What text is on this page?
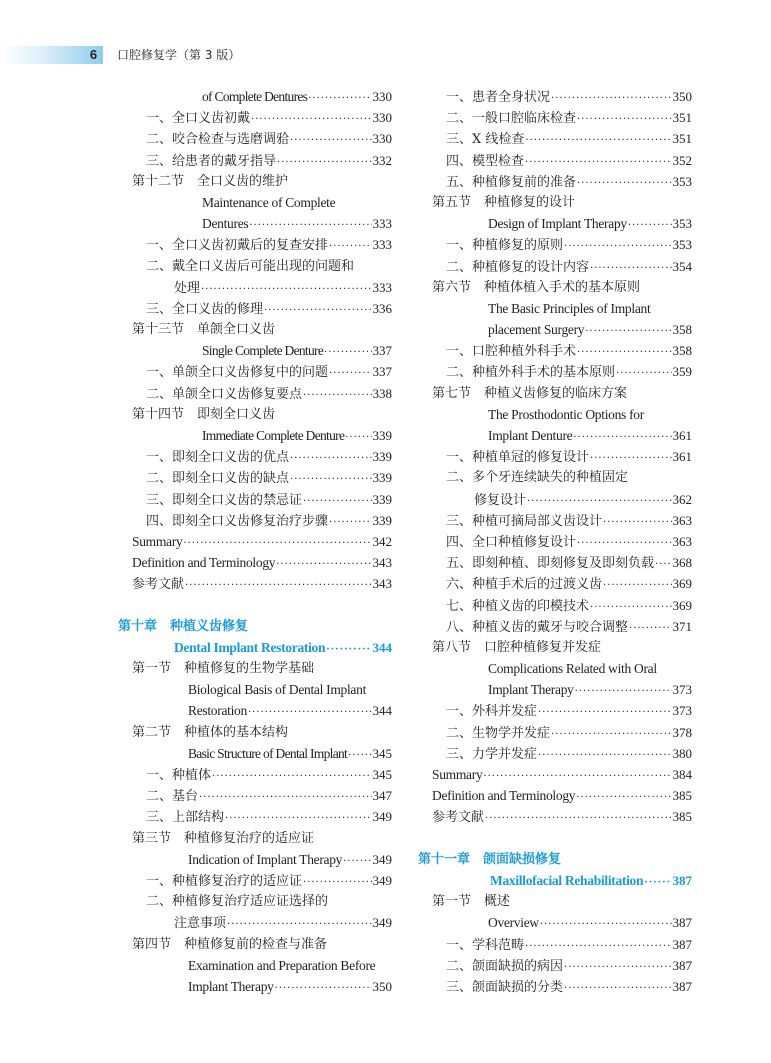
6	口腔修复学（第 3 版）
of Complete Dentures ·····	330
一、全口义齿初戴 ·····	330
二、咬合检查与选磨调𬌗 ·····	330
三、给患者的戴牙指导 ·····	332
第十二节　全口义齿的维护
Maintenance of Complete
Dentures ·····	333
一、全口义齿初戴后的复查安排 ·····	333
二、戴全口义齿后可能出现的问题和
处理 ·····	333
三、全口义齿的修理 ·····	336
第十三节　单颌全口义齿
Single Complete Denture ·····	337
一、单颌全口义齿修复中的问题 ·····	337
二、单颌全口义齿修复要点 ·····	338
第十四节　即刻全口义齿
Immediate Complete Denture ····· 339
一、即刻全口义齿的优点 ·····	339
二、即刻全口义齿的缺点 ·····	339
三、即刻全口义齿的禁忌证 ·····	339
四、即刻全口义齿修复治疗步骤 ·····	339
Summary ·····	342
Definition and Terminology ·····	343
参考文献 ·····	343
第十章　种植义齿修复
Dental Implant Restoration ·····	344
第一节　种植修复的生物学基础
Biological Basis of Dental Implant
Restoration ·····	344
第二节　种植体的基本结构
Basic Structure of Dental Implant ····· 345
一、种植体 ·····	345
二、基台 ·····	347
三、上部结构 ·····	349
第三节　种植修复治疗的适应证
Indication of Implant Therapy ····· 349
一、种植修复治疗的适应证 ·····	349
二、种植修复治疗适应证选择的
注意事项 ·····	349
第四节　种植修复前的检查与准备
Examination and Preparation Before
Implant Therapy ·····	350
一、患者全身状况 ·····	350
二、一般口腔临床检查 ·····	351
三、X 线检查 ·····	351
四、模型检查 ·····	352
五、种植修复前的准备 ·····	353
第五节　种植修复的设计
Design of Implant Therapy ·····	353
一、种植修复的原则 ·····	353
二、种植修复的设计内容 ·····	354
第六节　种植体植入手术的基本原则
The Basic Principles of Implant
placement Surgery ·····	358
一、口腔种植外科手术 ·····	358
二、种植外科手术的基本原则 ·····	359
第七节　种植义齿修复的临床方案
The Prosthodontic Options for
Implant Denture ·····	361
一、种植单冠的修复设计 ·····	361
二、多个牙连续缺失的种植固定
修复设计 ·····	362
三、种植可摘局部义齿设计 ·····	363
四、全口种植修复设计 ·····	363
五、即刻种植、即刻修复及即刻负载 ····· 368
六、种植手术后的过渡义齿 ·····	369
七、种植义齿的印模技术 ·····	369
八、种植义齿的戴牙与咬合调整 ·····	371
第八节　口腔种植修复并发症
Complications Related with Oral
Implant Therapy ·····	373
一、外科并发症 ·····	373
二、生物学并发症 ·····	378
三、力学并发症 ·····	380
Summary ·····	384
Definition and Terminology ·····	385
参考文献 ·····	385
第十一章　颌面缺损修复
Maxillofacial Rehabilitation ····· 387
第一节　概述
Overview ·····	387
一、学科范畴 ·····	387
二、颌面缺损的病因 ·····	387
三、颌面缺损的分类 ·····	387
